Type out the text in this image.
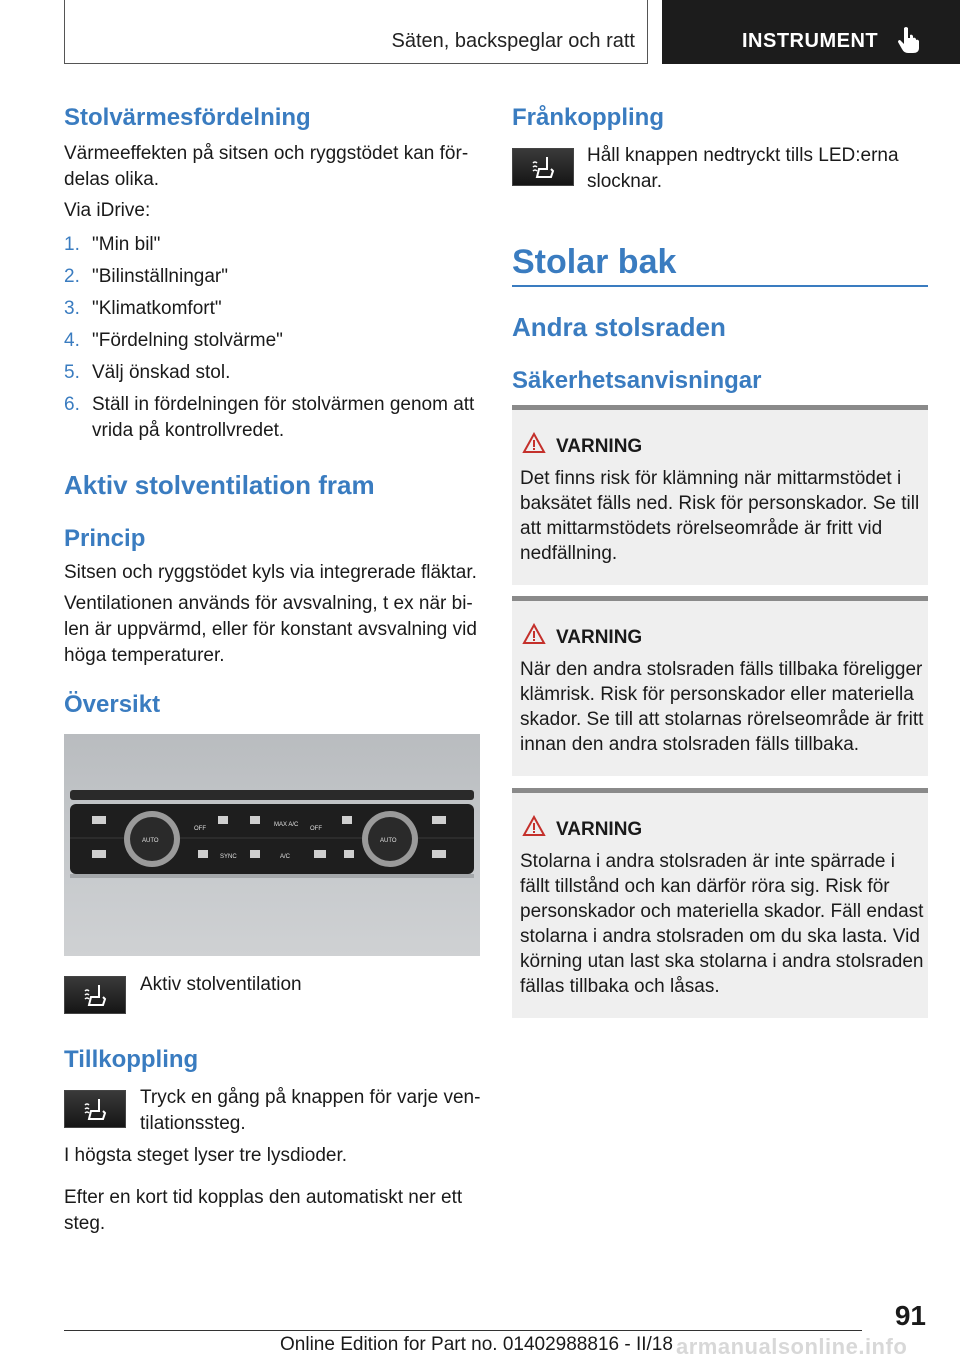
Säten, backspeglar och ratt	INSTRUMENT
Stolvärmesfördelning

Värmeeffekten på sitsen och ryggstödet kan för-delas olika.

Via iDrive:

1. "Min bil"
2. "Bilinställningar"
3. "Klimatkomfort"
4. "Fördelning stolvärme"
5. Välj önskad stol.
6. Ställ in fördelningen för stolvärmen genom att vrida på kontrollvredet.
Aktiv stolventilation fram
Princip

Sitsen och ryggstödet kyls via integrerade fläktar.

Ventilationen används för avsvalning, t ex när bi-len är uppvärmd, eller för konstant avsvalning vid höga temperaturer.

Översikt
AUTO	AUTO
OFF
MAX A/C
OFF
SYNC	A/C

Aktiv stolventilation

Tillkoppling

Tryck en gång på knappen för varje ven-tilationssteg.

I högsta steget lyser tre lysdioder.

Efter en kort tid kopplas den automatiskt ner ett steg.

Frånkoppling

Håll knappen nedtryckt tills LED:erna slocknar.

Stolar bak
Andra stolsraden
Säkerhetsanvisningar
VARNING

Det finns risk för klämning när mittarmstödet i baksätet fälls ned. Risk för personskador. Se till att mittarmstödets rörelseområde är fritt vid nedfällning.

VARNING

När den andra stolsraden fälls tillbaka föreligger klämrisk. Risk för personskador eller materiella skador. Se till att stolarnas rörelseområde är fritt innan den andra stolsraden fälls tillbaka.

VARNING

Stolarna i andra stolsraden är inte spärrade i fällt tillstånd och kan därför röra sig. Risk för personskador och materiella skador. Fäll endast stolarna i andra stolsraden om du ska lasta. Vid körning utan last ska stolarna i andra stolsraden fällas tillbaka och låsas.

91
Online Edition for Part no. 01402988816 - II/18 armanualsonline.info
